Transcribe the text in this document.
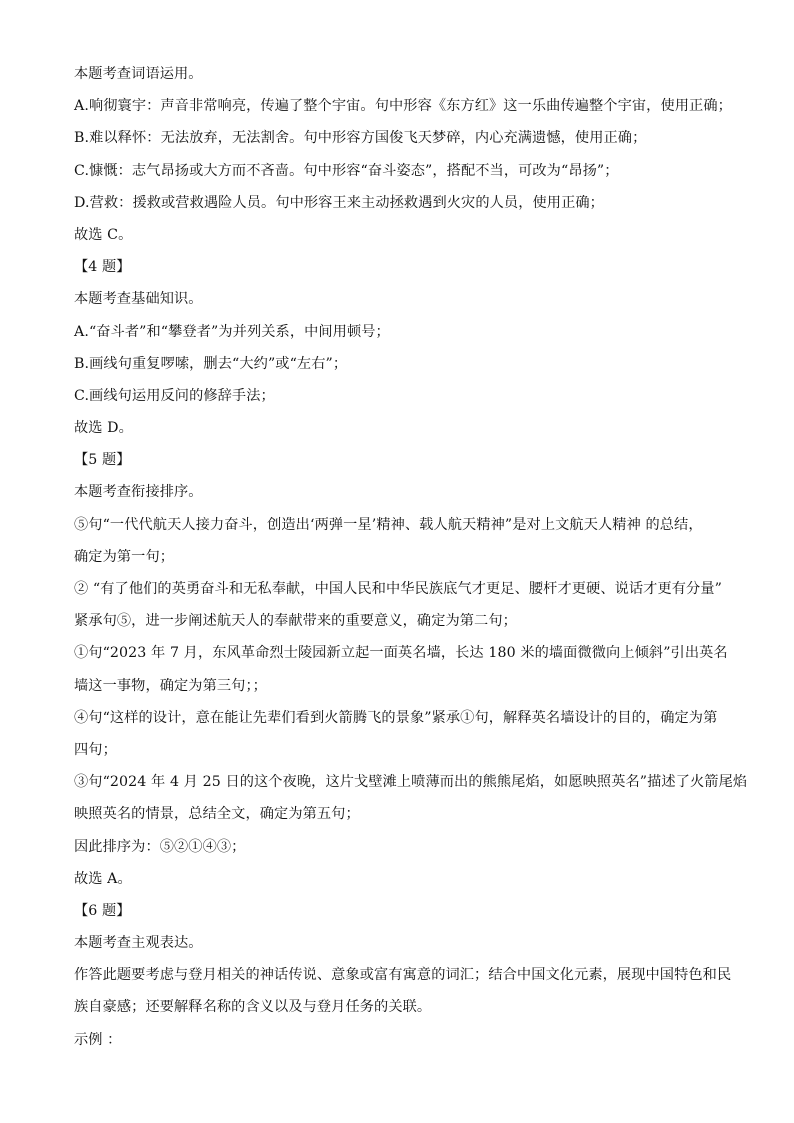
本题考查词语运用。
A.响彻寰宇：声音非常响亮，传遍了整个宇宙。句中形容《东方红》这一乐曲传遍整个宇宙，使用正确；
B.难以释怀：无法放弃，无法割舍。句中形容方国俊飞天梦碎，内心充满遗憾，使用正确；
C.慷慨：志气昂扬或大方而不吝啬。句中形容“奋斗姿态”，搭配不当，可改为“昂扬”；
D.营救：援救或营救遇险人员。句中形容王来主动拯救遇到火灾的人员，使用正确；
故选 C。
【4 题】
本题考查基础知识。
A.“奋斗者”和“攀登者”为并列关系，中间用顿号；
B.画线句重复啰嗦，删去“大约”或“左右”；
C.画线句运用反问的修辞手法；
故选 D。
【5 题】
本题考查衔接排序。
⑤句“一代代航天人接力奋斗，创造出‘两弹一星’精神、载人航天精神”是对上文航天人精神 的总结，
确定为第一句；
② “有了他们的英勇奋斗和无私奉献，中国人民和中华民族底气才更足、腰杆才更硬、说话才更有分量”
紧承句⑤，进一步阐述航天人的奉献带来的重要意义，确定为第二句；
①句“2023 年 7 月，东风革命烈士陵园新立起一面英名墙，长达 180 米的墙面微微向上倾斜”引出英名
墙这一事物，确定为第三句；；
④句“这样的设计，意在能让先辈们看到火箭腾飞的景象”紧承①句，解释英名墙设计的目的，确定为第
四句；
③句“2024 年 4 月 25 日的这个夜晚，这片戈壁滩上喷薄而出的熊熊尾焰，如愿映照英名”描述了火箭尾焰
映照英名的情景，总结全文，确定为第五句；
因此排序为：⑤②①④③；
故选 A。
【6 题】
本题考查主观表达。
作答此题要考虑与登月相关的神话传说、意象或富有寓意的词汇；结合中国文化元素，展现中国特色和民
族自豪感；还要解释名称的含义以及与登月任务的关联。
示例 ：
